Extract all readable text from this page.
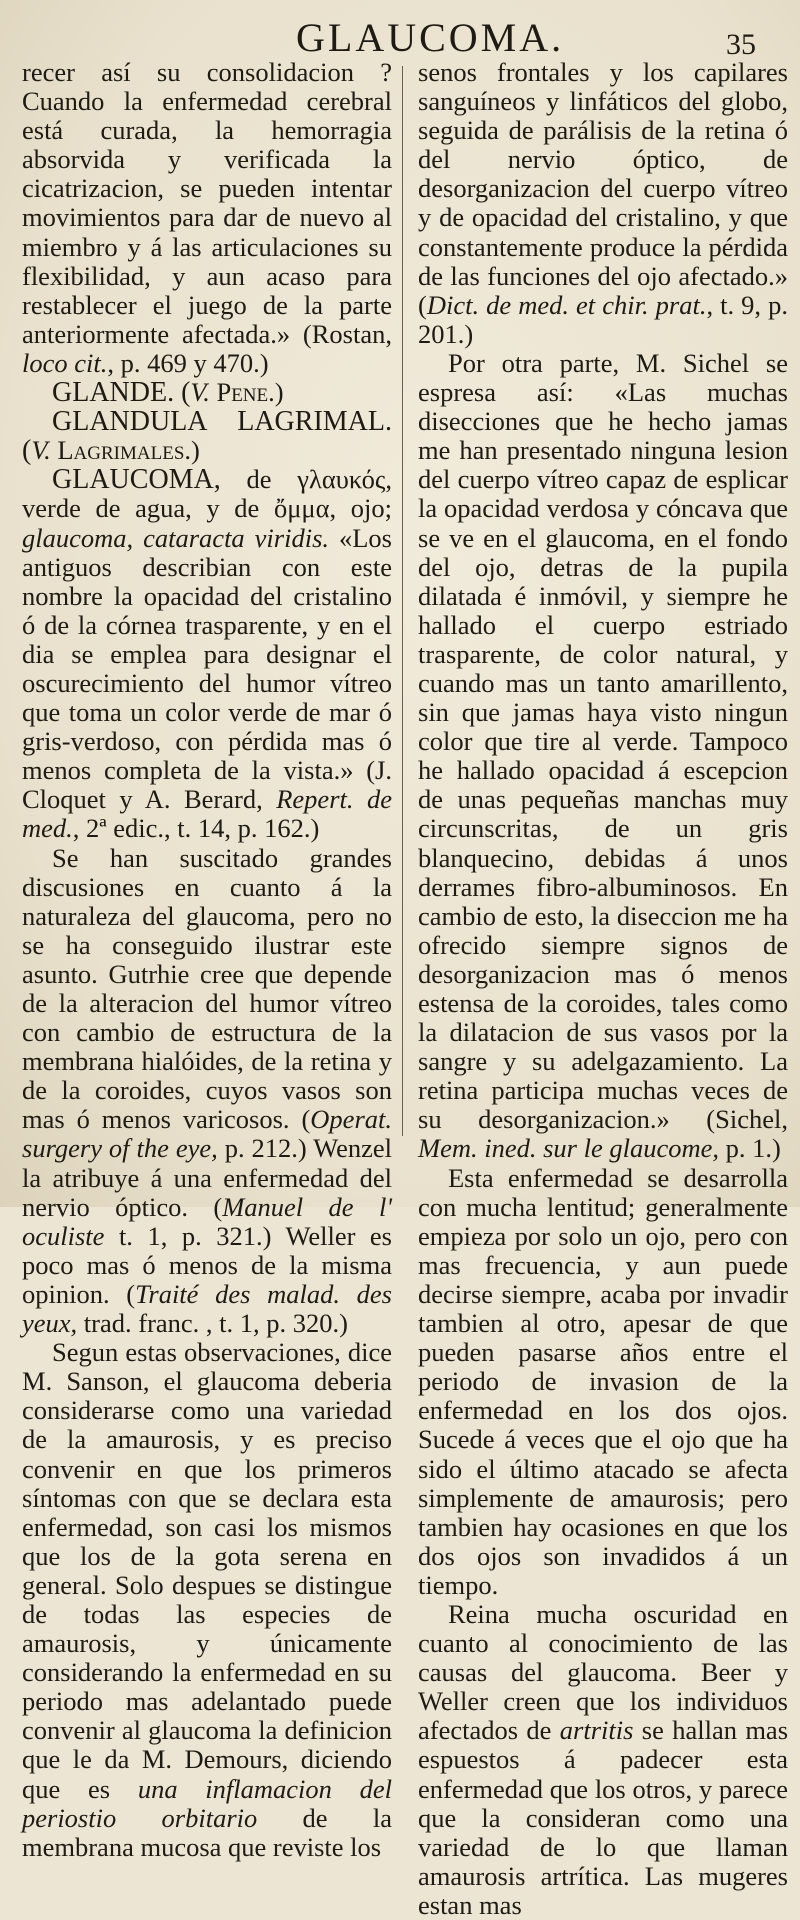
GLAUCOMA.	35

recer así su consolidacion ? Cuando la enfermedad cerebral está curada, la hemorragia absorvida y verificada la cicatrizacion, se pueden intentar movimientos para dar de nuevo al miembro y á las articulaciones su flexibilidad, y aun acaso para restablecer el juego de la parte anteriormente afectada.» (Rostan, loco cit., p. 469 y 470.)

GLANDE. (V. Pene.)

GLANDULA LAGRIMAL. (V. Lagrimales.)

GLAUCOMA, de γλαυκός, verde de agua, y de ὄμμα, ojo; glaucoma, cataracta viridis. «Los antiguos describian con este nombre la opacidad del cristalino ó de la córnea trasparente, y en el dia se emplea para designar el oscurecimiento del humor vítreo que toma un color verde de mar ó gris-verdoso, con pérdida mas ó menos completa de la vista.» (J. Cloquet y A. Berard, Repert. de med., 2ª edic., t. 14, p. 162.)

Se han suscitado grandes discusiones en cuanto á la naturaleza del glaucoma, pero no se ha conseguido ilustrar este asunto. Gutrhie cree que depende de la alteracion del humor vítreo con cambio de estructura de la membrana hialóides, de la retina y de la coroides, cuyos vasos son mas ó menos varicosos. (Operat. surgery of the eye, p. 212.) Wenzel la atribuye á una enfermedad del nervio óptico. (Manuel de l' oculiste t. 1, p. 321.) Weller es poco mas ó menos de la misma opinion. (Traité des malad. des yeux, trad. franc. , t. 1, p. 320.)

Segun estas observaciones, dice M. Sanson, el glaucoma deberia considerarse como una variedad de la amaurosis, y es preciso convenir en que los primeros síntomas con que se declara esta enfermedad, son casi los mismos que los de la gota serena en general. Solo despues se distingue de todas las especies de amaurosis, y únicamente considerando la enfermedad en su periodo mas adelantado puede convenir al glaucoma la definicion que le da M. Demours, diciendo que es una inflamacion del periostio orbitario de la membrana mucosa que reviste los

senos frontales y los capilares sanguíneos y linfáticos del globo, seguida de parálisis de la retina ó del nervio óptico, de desorganizacion del cuerpo vítreo y de opacidad del cristalino, y que constantemente produce la pérdida de las funciones del ojo afectado.» (Dict. de med. et chir. prat., t. 9, p. 201.)

Por otra parte, M. Sichel se espresa así: «Las muchas disecciones que he hecho jamas me han presentado ninguna lesion del cuerpo vítreo capaz de esplicar la opacidad verdosa y cóncava que se ve en el glaucoma, en el fondo del ojo, detras de la pupila dilatada é inmóvil, y siempre he hallado el cuerpo estriado trasparente, de color natural, y cuando mas un tanto amarillento, sin que jamas haya visto ningun color que tire al verde. Tampoco he hallado opacidad á escepcion de unas pequeñas manchas muy circunscritas, de un gris blanquecino, debidas á unos derrames fibro-albuminosos. En cambio de esto, la diseccion me ha ofrecido siempre signos de desorganizacion mas ó menos estensa de la coroides, tales como la dilatacion de sus vasos por la sangre y su adelgazamiento. La retina participa muchas veces de su desorganizacion.» (Sichel, Mem. ined. sur le glaucome, p. 1.)

Esta enfermedad se desarrolla con mucha lentitud; generalmente empieza por solo un ojo, pero con mas frecuencia, y aun puede decirse siempre, acaba por invadir tambien al otro, apesar de que pueden pasarse años entre el periodo de invasion de la enfermedad en los dos ojos. Sucede á veces que el ojo que ha sido el último atacado se afecta simplemente de amaurosis; pero tambien hay ocasiones en que los dos ojos son invadidos á un tiempo.

Reina mucha oscuridad en cuanto al conocimiento de las causas del glaucoma. Beer y Weller creen que los individuos afectados de artritis se hallan mas espuestos á padecer esta enfermedad que los otros, y parece que la consideran como una variedad de lo que llaman amaurosis artrítica. Las mugeres estan mas
